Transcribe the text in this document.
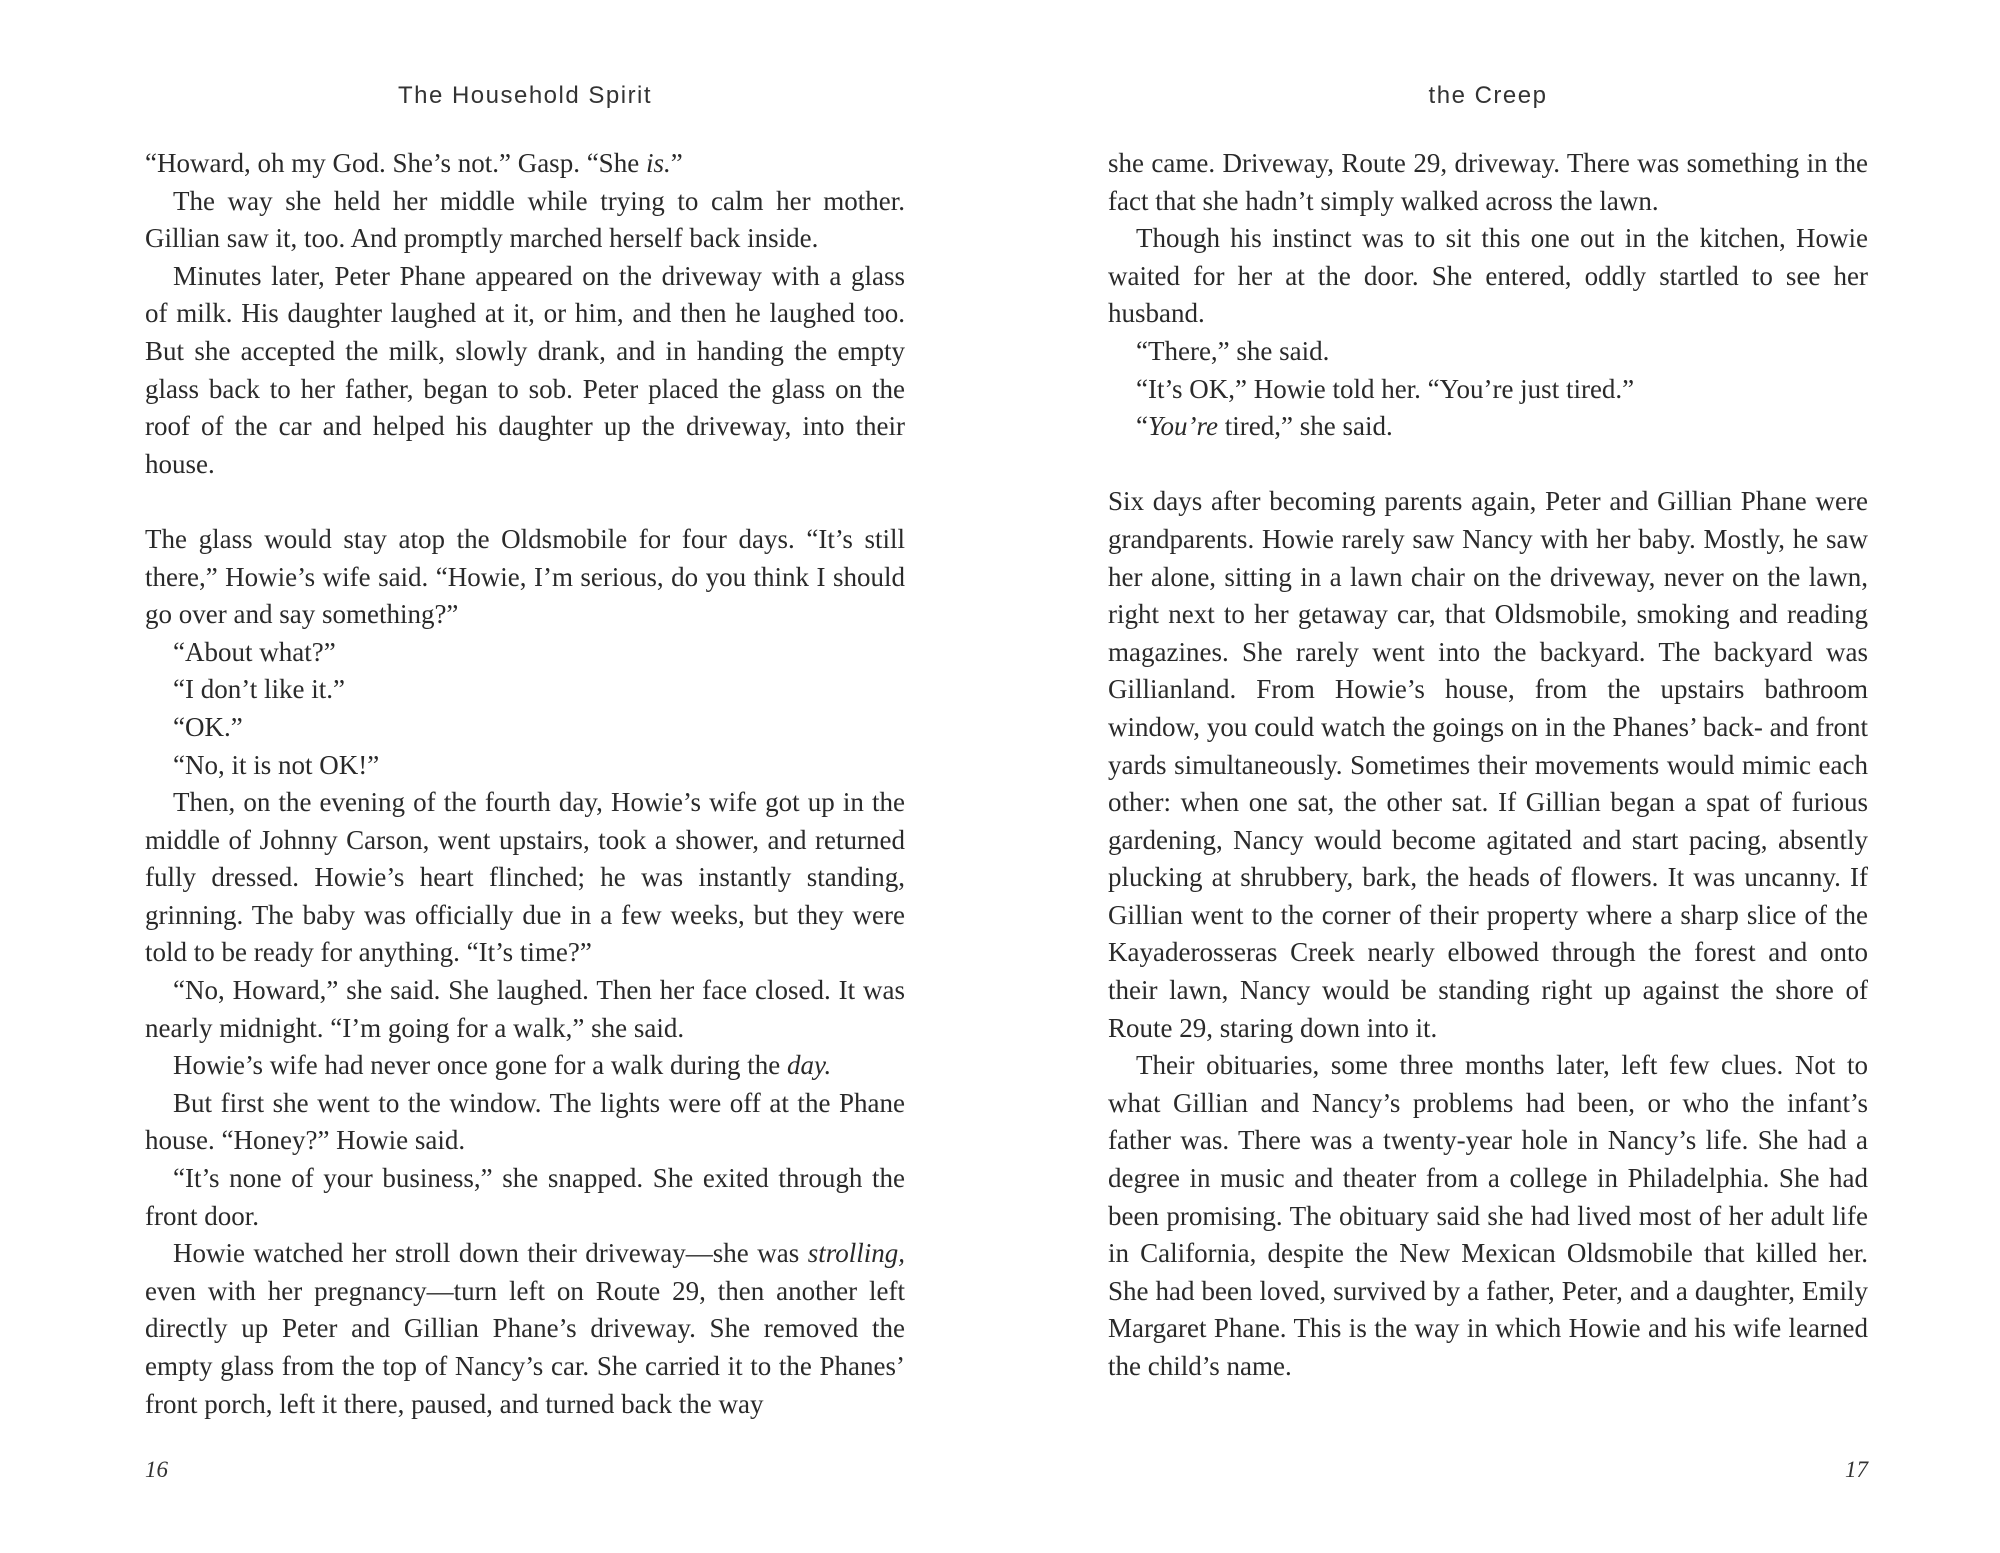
The Household Spirit

“Howard, oh my God. She’s not.” Gasp. “She is.”

The way she held her middle while trying to calm her mother. Gillian saw it, too. And promptly marched herself back inside.

Minutes later, Peter Phane appeared on the driveway with a glass of milk. His daughter laughed at it, or him, and then he laughed too. But she accepted the milk, slowly drank, and in handing the empty glass back to her father, began to sob. Peter placed the glass on the roof of the car and helped his daughter up the driveway, into their house.

The glass would stay atop the Oldsmobile for four days. “It’s still there,” Howie’s wife said. “Howie, I’m serious, do you think I should go over and say something?”

“About what?”

“I don’t like it.”

“OK.”

“No, it is not OK!”

Then, on the evening of the fourth day, Howie’s wife got up in the middle of Johnny Carson, went upstairs, took a shower, and returned fully dressed. Howie’s heart flinched; he was instantly standing, grinning. The baby was officially due in a few weeks, but they were told to be ready for anything. “It’s time?”

“No, Howard,” she said. She laughed. Then her face closed. It was nearly midnight. “I’m going for a walk,” she said.

Howie’s wife had never once gone for a walk during the day.

But first she went to the window. The lights were off at the Phane house. “Honey?” Howie said.

“It’s none of your business,” she snapped. She exited through the front door.

Howie watched her stroll down their driveway—she was strolling, even with her pregnancy—turn left on Route 29, then another left directly up Peter and Gillian Phane’s driveway. She removed the empty glass from the top of Nancy’s car. She carried it to the Phanes’ front porch, left it there, paused, and turned back the way

16
the Creep

she came. Driveway, Route 29, driveway. There was something in the fact that she hadn’t simply walked across the lawn.

Though his instinct was to sit this one out in the kitchen, Howie waited for her at the door. She entered, oddly startled to see her husband.

“There,” she said.

“It’s OK,” Howie told her. “You’re just tired.”

“You’re tired,” she said.

Six days after becoming parents again, Peter and Gillian Phane were grandparents. Howie rarely saw Nancy with her baby. Mostly, he saw her alone, sitting in a lawn chair on the driveway, never on the lawn, right next to her getaway car, that Oldsmobile, smoking and reading magazines. She rarely went into the backyard. The backyard was Gillianland. From Howie’s house, from the upstairs bathroom window, you could watch the goings on in the Phanes’ back- and front yards simultaneously. Sometimes their movements would mimic each other: when one sat, the other sat. If Gillian began a spat of furious gardening, Nancy would become agitated and start pacing, absently plucking at shrubbery, bark, the heads of flowers. It was uncanny. If Gillian went to the corner of their property where a sharp slice of the Kayaderosseras Creek nearly elbowed through the forest and onto their lawn, Nancy would be standing right up against the shore of Route 29, staring down into it.

Their obituaries, some three months later, left few clues. Not to what Gillian and Nancy’s problems had been, or who the infant’s father was. There was a twenty-year hole in Nancy’s life. She had a degree in music and theater from a college in Philadelphia. She had been promising. The obituary said she had lived most of her adult life in California, despite the New Mexican Oldsmobile that killed her. She had been loved, survived by a father, Peter, and a daughter, Emily Margaret Phane. This is the way in which Howie and his wife learned the child’s name.

17
